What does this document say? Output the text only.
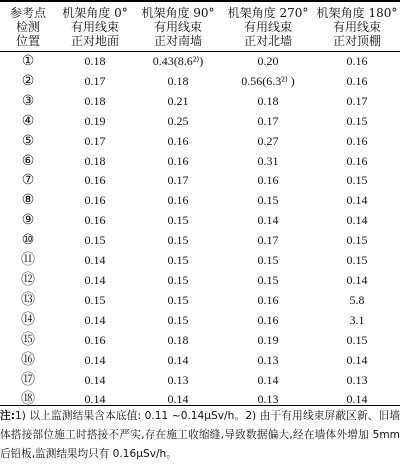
参考点
检测
位置	机架角度 0°
有用线束
正对地面	机架角度 90°
有用线束
正对南墙	机架角度 270°
有用线束
正对北墙	机架角度 180°
有用线束
正对顶棚
①	0.18	0.43(8.6²⁾)	0.20	0.16
②	0.17	0.18	0.56(6.3²⁾ )	0.16
③	0.18	0.21	0.18	0.17
④	0.19	0.25	0.17	0.15
⑤	0.17	0.16	0.27	0.16
⑥	0.18	0.16	0.31	0.16
⑦	0.16	0.17	0.16	0.15
⑧	0.16	0.16	0.15	0.14
⑨	0.16	0.15	0.14	0.14
⑩	0.15	0.15	0.17	0.15
⑪	0.14	0.15	0.15	0.15
⑫	0.14	0.15	0.15	0.14
⑬	0.15	0.15	0.16	5.8
⑭	0.14	0.15	0.16	3.1
⑮	0.16	0.18	0.19	0.15
⑯	0.14	0.14	0.13	0.14
⑰	0.14	0.13	0.14	0.13
⑱	0.14	0.14	0.13	0.14
注:1) 以上监测结果含本底值: 0.11 ~0.14μSv/h。2) 由于有用线束屏蔽区新、旧墙体搭接部位施工时搭接不严实,存在施工收缩缝,导致数据偏大,经在墙体外增加 5mm 后铅板,监测结果均只有 0.16μSv/h。
